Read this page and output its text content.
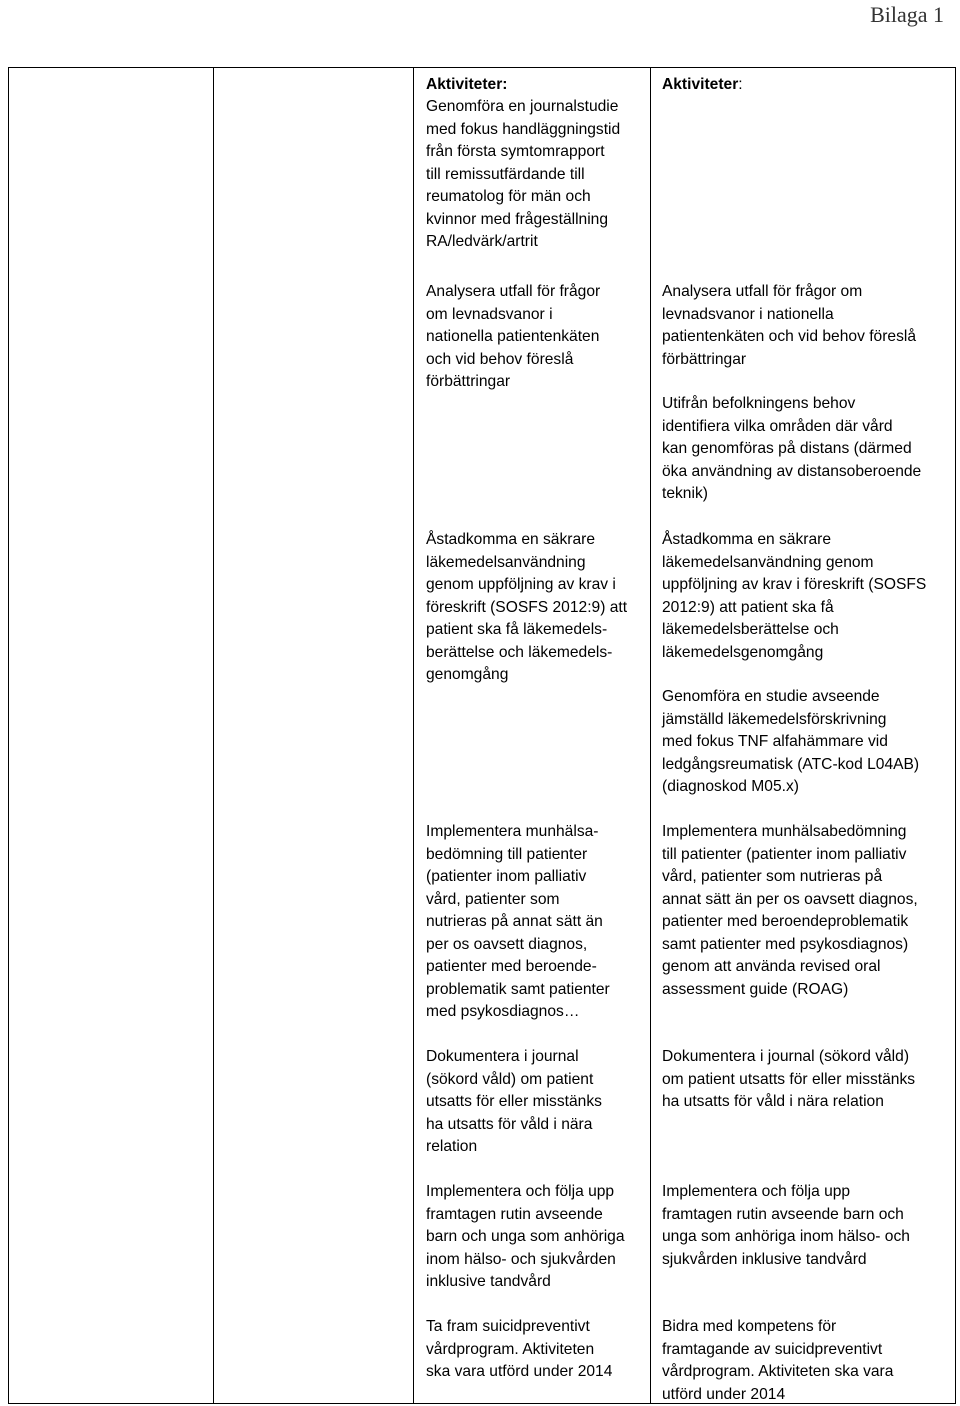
Bilaga 1

Aktiviteter:

Genomföra en journalstudie
med fokus handläggningstid
från första symtomrapport
till remissutfärdande till
reumatolog för män och
kvinnor med frågeställning
RA/ledvärk/artrit

Analysera utfall för frågor
om levnadsvanor i
nationella patientenkäten
och vid behov föreslå
förbättringar

Åstadkomma en säkrare
läkemedelsanvändning
genom uppföljning av krav i
föreskrift (SOSFS 2012:9) att
patient ska få läkemedels-
berättelse och läkemedels-
genomgång

Implementera munhälsa-
bedömning till patienter
(patienter inom palliativ
vård, patienter som
nutrieras på annat sätt än
per os oavsett diagnos,
patienter med beroende-
problematik samt patienter
med psykosdiagnos…

Dokumentera i journal
(sökord våld) om patient
utsatts för eller misstänks
ha utsatts för våld i nära
relation

Implementera och följa upp
framtagen rutin avseende
barn och unga som anhöriga
inom hälso- och sjukvården
inklusive tandvård

Ta fram suicidpreventivt
vårdprogram. Aktiviteten
ska vara utförd under 2014

Aktiviteter:

Analysera utfall för frågor om
levnadsvanor i nationella
patientenkäten och vid behov föreslå
förbättringar

Utifrån befolkningens behov
identifiera vilka områden där vård
kan genomföras på distans (därmed
öka användning av distansoberoende
teknik)

Åstadkomma en säkrare
läkemedelsanvändning genom
uppföljning av krav i föreskrift (SOSFS
2012:9) att patient ska få
läkemedelsberättelse och
läkemedelsgenomgång

Genomföra en studie avseende
jämställd läkemedelsförskrivning
med fokus TNF alfahämmare vid
ledgångsreumatisk (ATC-kod L04AB)
(diagnoskod M05.x)

Implementera munhälsabedömning
till patienter (patienter inom palliativ
vård, patienter som nutrieras på
annat sätt än per os oavsett diagnos,
patienter med beroendeproblematik
samt patienter med psykosdiagnos)
genom att använda revised oral
assessment guide (ROAG)

Dokumentera i journal (sökord våld)
om patient utsatts för eller misstänks
ha utsatts för våld i nära relation

Implementera och följa upp
framtagen rutin avseende barn och
unga som anhöriga inom hälso- och
sjukvården inklusive tandvård

Bidra med kompetens för
framtagande av suicidpreventivt
vårdprogram. Aktiviteten ska vara
utförd under 2014
